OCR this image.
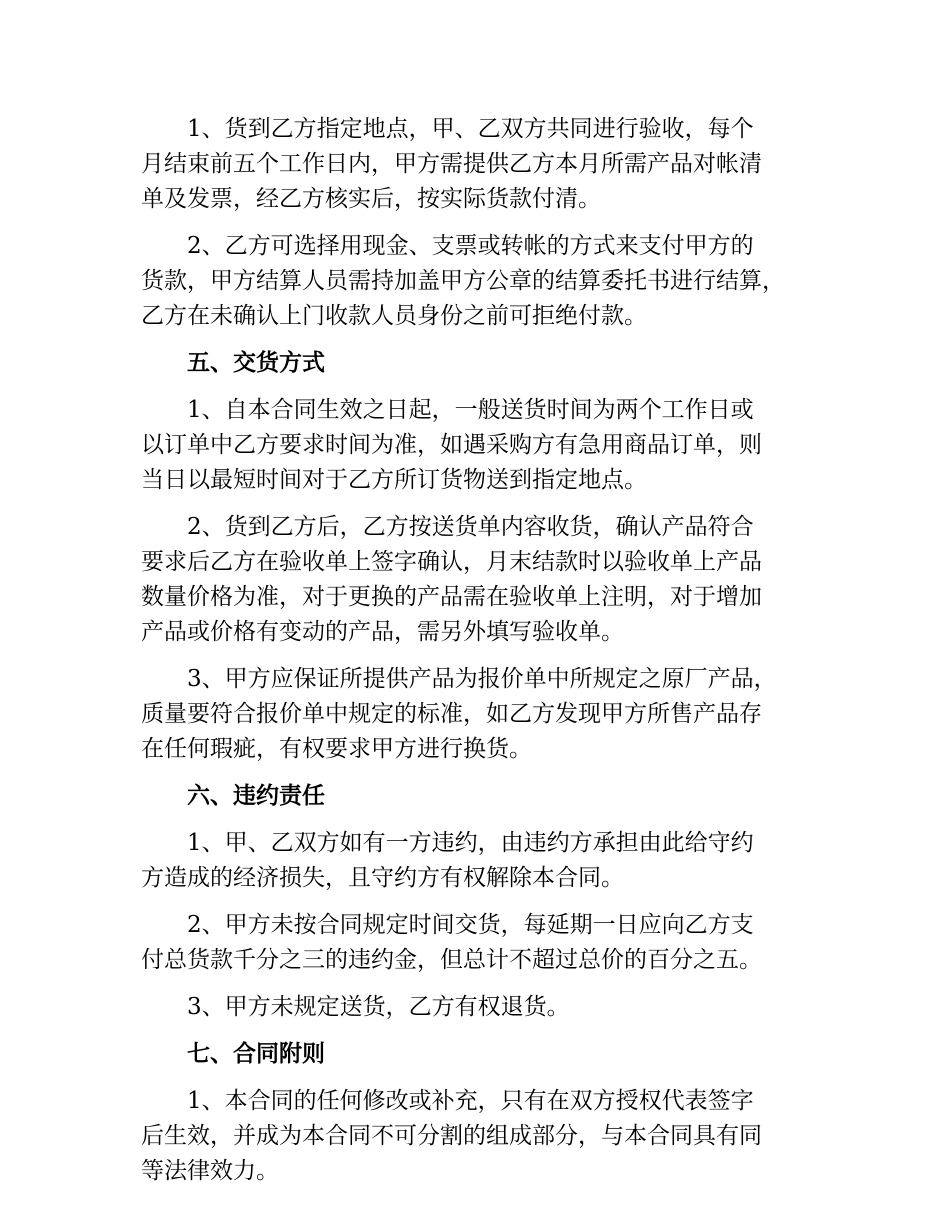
1、货到乙方指定地点，甲、乙双方共同进行验收，每个
月结束前五个工作日内，甲方需提供乙方本月所需产品对帐清
单及发票，经乙方核实后，按实际货款付清。

2、乙方可选择用现金、支票或转帐的方式来支付甲方的
货款，甲方结算人员需持加盖甲方公章的结算委托书进行结算，
乙方在未确认上门收款人员身份之前可拒绝付款。

五、交货方式

1、自本合同生效之日起，一般送货时间为两个工作日或
以订单中乙方要求时间为准，如遇采购方有急用商品订单，则
当日以最短时间对于乙方所订货物送到指定地点。

2、货到乙方后，乙方按送货单内容收货，确认产品符合
要求后乙方在验收单上签字确认，月末结款时以验收单上产品
数量价格为准，对于更换的产品需在验收单上注明，对于增加
产品或价格有变动的产品，需另外填写验收单。

3、甲方应保证所提供产品为报价单中所规定之原厂产品，
质量要符合报价单中规定的标准，如乙方发现甲方所售产品存
在任何瑕疵，有权要求甲方进行换货。

六、违约责任

1、甲、乙双方如有一方违约，由违约方承担由此给守约
方造成的经济损失，且守约方有权解除本合同。

2、甲方未按合同规定时间交货，每延期一日应向乙方支
付总货款千分之三的违约金，但总计不超过总价的百分之五。

3、甲方未规定送货，乙方有权退货。

七、合同附则

1、本合同的任何修改或补充，只有在双方授权代表签字
后生效，并成为本合同不可分割的组成部分，与本合同具有同
等法律效力。
